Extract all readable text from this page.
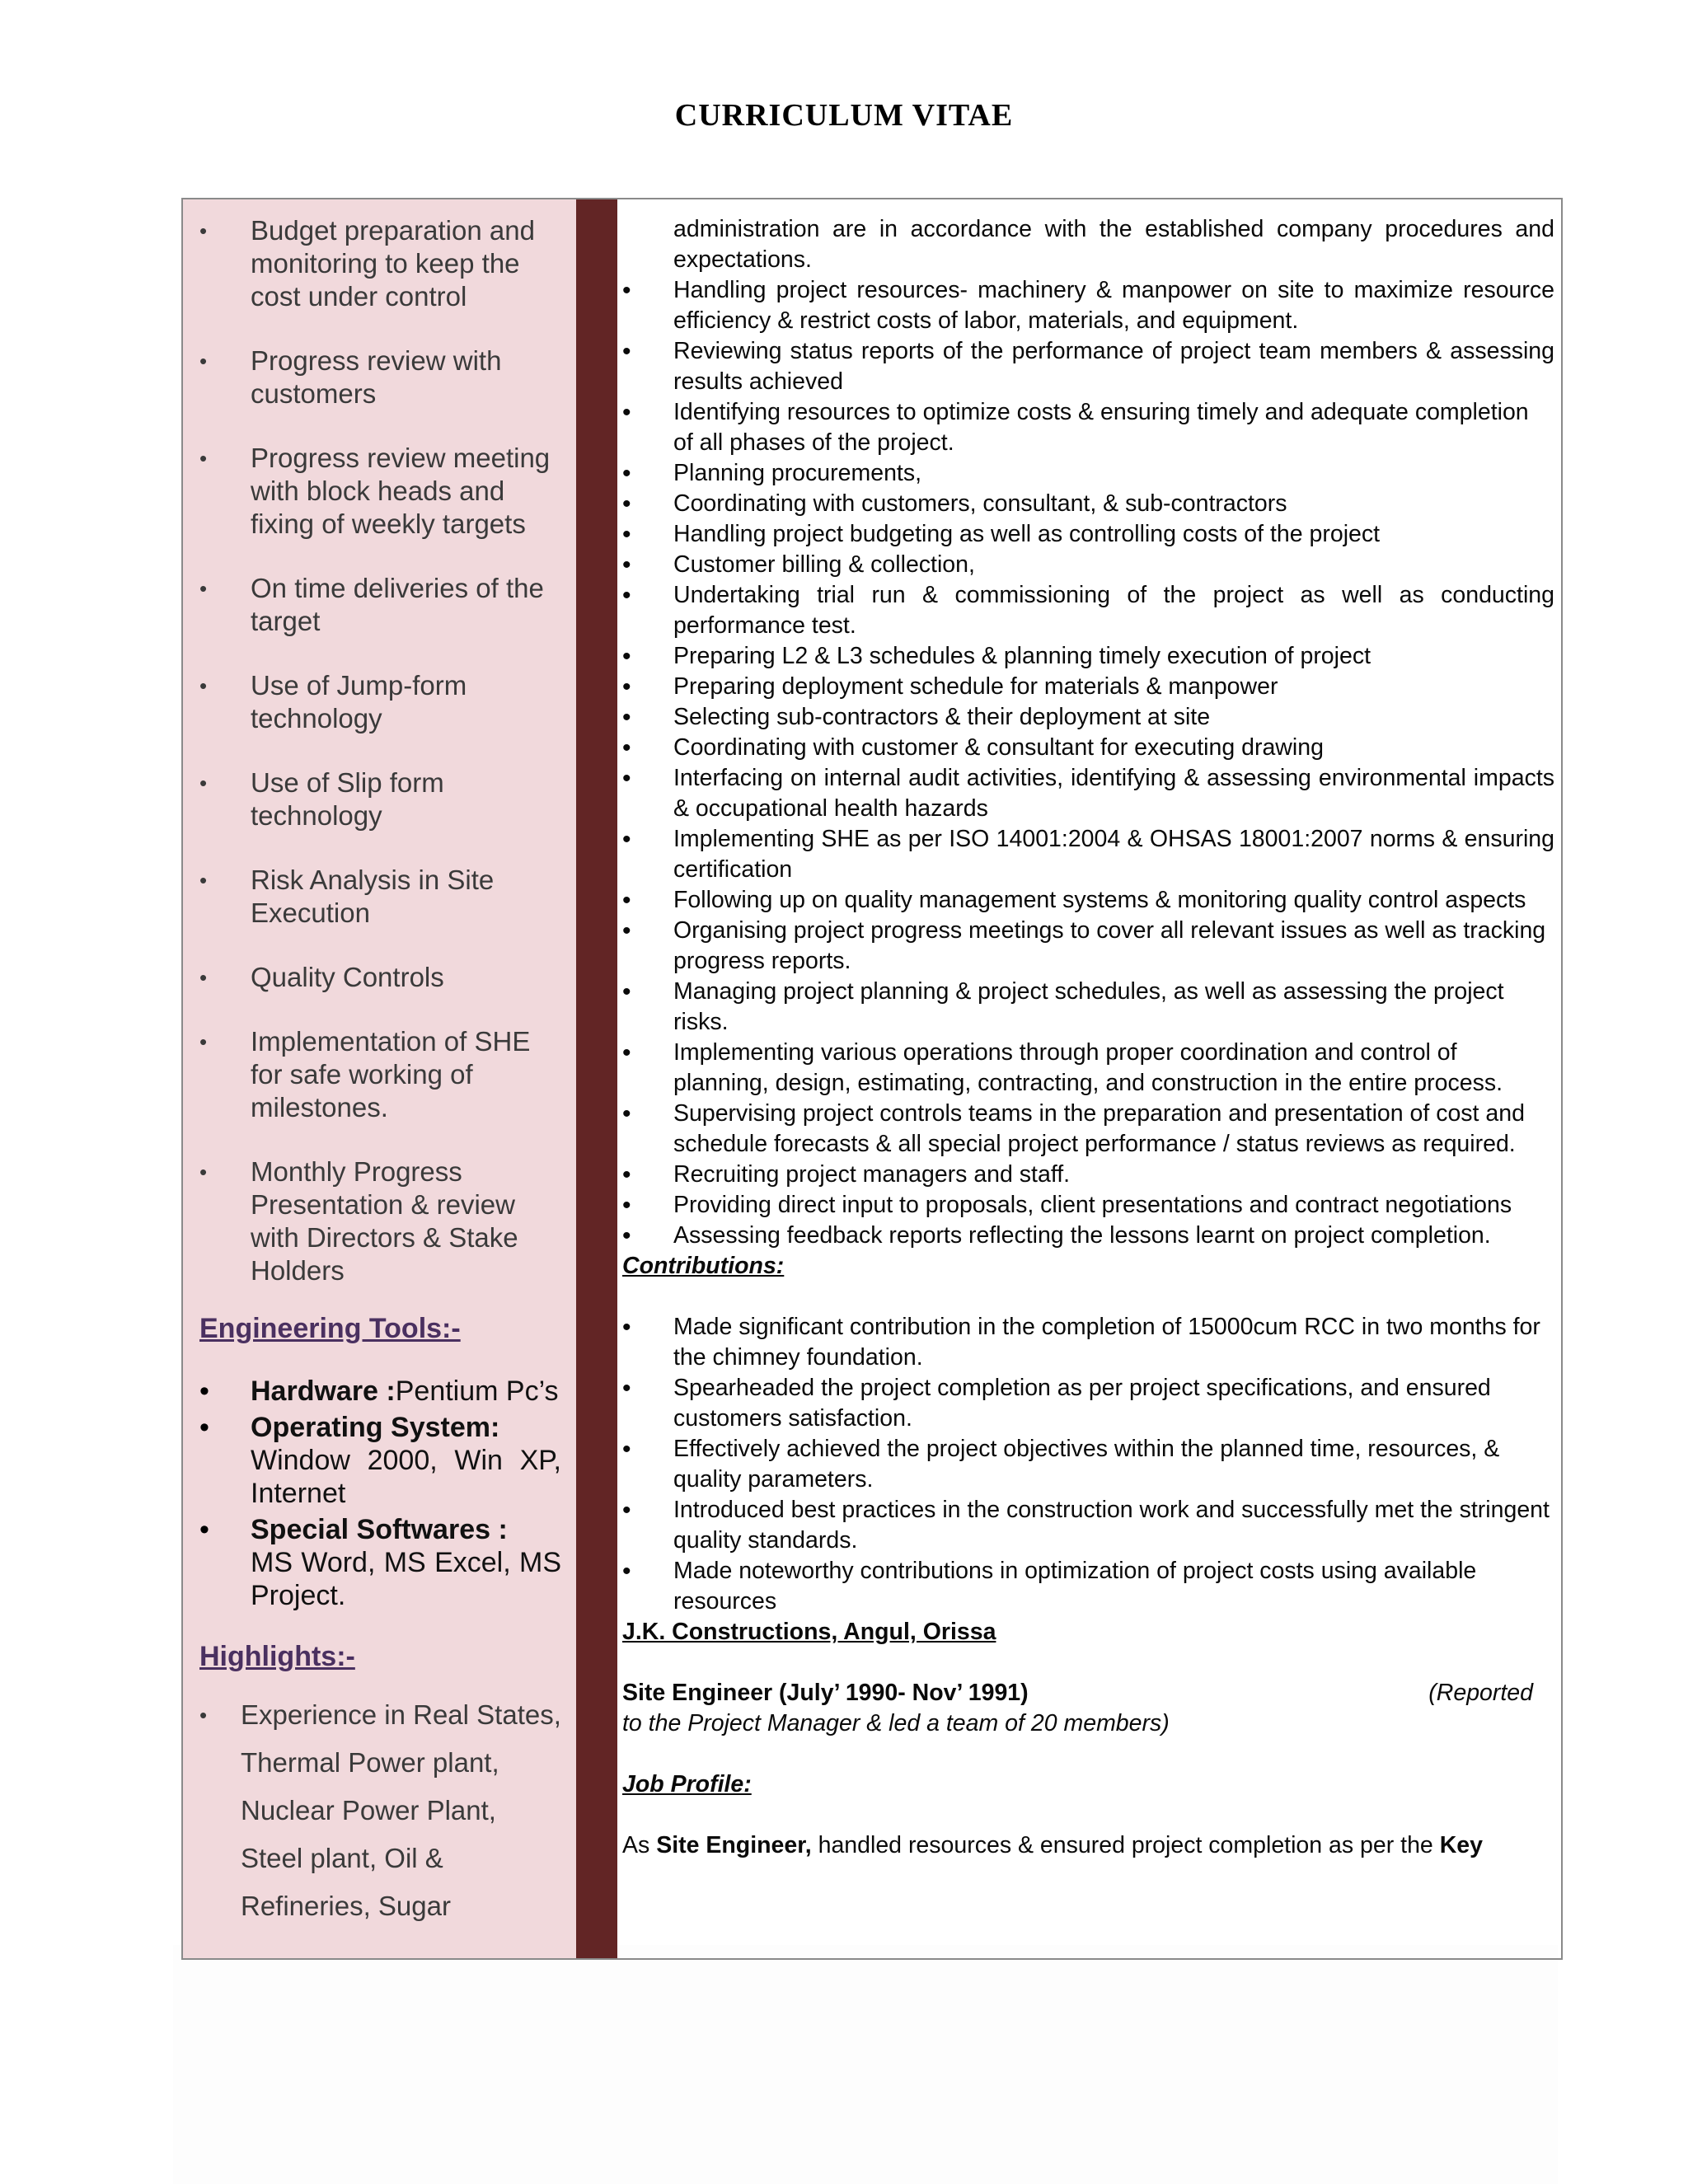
CURRICULUM VITAE
• Budget preparation and monitoring to keep the cost under control
• Progress review with customers
• Progress review meeting with block heads and fixing of weekly targets
• On time deliveries of the target
• Use of Jump-form technology
• Use of Slip form technology
• Risk Analysis in Site Execution
• Quality Controls
• Implementation of SHE for safe working of milestones.
• Monthly Progress Presentation & review with Directors & Stake Holders
Engineering Tools:-
• Hardware :Pentium Pc’s
• Operating System:
Window 2000, Win XP, Internet
• Special Softwares :
MS Word, MS Excel, MS Project.
Highlights:-
• Experience in Real States, Thermal Power plant, Nuclear Power Plant, Steel plant, Oil & Refineries, Sugar
administration are in accordance with the established company procedures and expectations.
• Handling project resources- machinery & manpower on site to maximize resource efficiency & restrict costs of labor, materials, and equipment.
• Reviewing status reports of the performance of project team members & assessing results achieved
• Identifying resources to optimize costs & ensuring timely and adequate completion of all phases of the project.
• Planning procurements,
• Coordinating with customers, consultant, & sub-contractors
• Handling project budgeting as well as controlling costs of the project
• Customer billing & collection,
• Undertaking trial run & commissioning of the project as well as conducting performance test.
• Preparing L2 & L3 schedules & planning timely execution of project
• Preparing deployment schedule for materials & manpower
• Selecting sub-contractors & their deployment at site
• Coordinating with customer & consultant for executing drawing
• Interfacing on internal audit activities, identifying & assessing environmental impacts & occupational health hazards
• Implementing SHE as per ISO 14001:2004 & OHSAS 18001:2007 norms & ensuring certification
• Following up on quality management systems & monitoring quality control aspects
• Organising project progress meetings to cover all relevant issues as well as tracking progress reports.
• Managing project planning & project schedules, as well as assessing the project risks.
• Implementing various operations through proper coordination and control of planning, design, estimating, contracting, and construction in the entire process.
• Supervising project controls teams in the preparation and presentation of cost and schedule forecasts & all special project performance / status reviews as required.
• Recruiting project managers and staff.
• Providing direct input to proposals, client presentations and contract negotiations
• Assessing feedback reports reflecting the lessons learnt on project completion.
Contributions:
• Made significant contribution in the completion of 15000cum RCC in two months for the chimney foundation.
• Spearheaded the project completion as per project specifications, and ensured customers satisfaction.
• Effectively achieved the project objectives within the planned time, resources, & quality parameters.
• Introduced best practices in the construction work and successfully met the stringent quality standards.
• Made noteworthy contributions in optimization of project costs using available resources
J.K. Constructions, Angul, Orissa
Site Engineer (July’ 1990- Nov’ 1991)	(Reported
to the Project Manager & led a team of 20 members)
Job Profile:
As Site Engineer, handled resources & ensured project completion as per the Key
